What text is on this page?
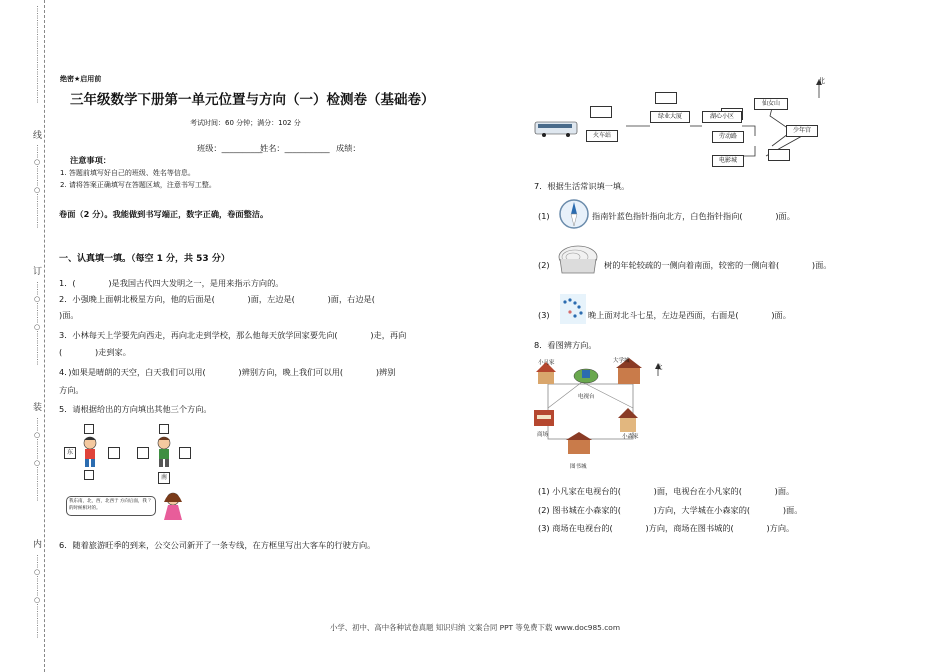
⋮⋮⋮⋮⋮⋮⋮⋮⋮⋮⋮⋮⋮⋮
线
⋮⋮○⋮⋮⋮○⋮⋮⋮⋮⋮
订
⋮⋮○⋮⋮⋮○⋮⋮⋮⋮⋮
装
⋮⋮○⋮⋮⋮○⋮⋮⋮⋮⋮
内
⋮⋮○⋮⋮⋮○⋮⋮⋮⋮⋮
绝密★启用前
三年级数学下册第一单元位置与方向（一）检测卷（基础卷）
考试时间：60 分钟；满分：102 分
班级：__________
姓名：___________ 成绩：
注意事项：
1. 答题前填写好自己的班级、姓名等信息。
2. 请将答案正确填写在答题区域，注意书写工整。
卷面（2 分）。我能做到书写端正，数字正确，卷面整洁。
一、认真填一填。（每空 1 分，共 53 分）
1．(　　　　)是我国古代四大发明之一，是用来指示方向的。
2．小强晚上面朝北极星方向，他的后面是(　　　　)面，左边是(　　　　)面，右边是(
)面。
3．小林每天上学要先向西走，再向北走到学校，那么他每天放学回家要先向(　　　　)走，再向
(　　　　)走到家。
4．)如果是晴朗的天空，白天我们可以用(　　　　)辨别方向，晚上我们可以用(　　　　)辨别
方向。
5．请根据给出的方向填出其他三个方向。
东
南
我东南，北，西，北西于 方向后面，我 ？的时候相对的。
6．随着旅游旺季的到来，公交公司新开了一条专线，在方框里写出大客车的行驶方向。
北
火车站
绿业大厦	湖心小区
劳动路
电影城
仙女山
少年宫
7．根据生活常识填一填。
(1)	指南针蓝色指针指向北方，白色指针指向(　　　　)面。
(2)	树的年轮较疏的一侧向着南面，较密的一侧向着(　　　　)面。
(3)	晚上面对北斗七星，左边是西面，右面是(　　　　)面。
8．看图辨方向。
小凡家	大学城
电视台
商场	小森家
图书城
北
(1) 小凡家在电视台的(　　　　)面，电视台在小凡家的(　　　　)面。
(2) 图书城在小森家的(　　　　)方向，大学城在小森家的(　　　　)面。
(3) 商场在电视台的(　　　　)方向，商场在图书城的(　　　　)方向。
小学、初中、高中各种试卷真题 知识归纳 文案合同 PPT 等免费下载 www.doc985.com
